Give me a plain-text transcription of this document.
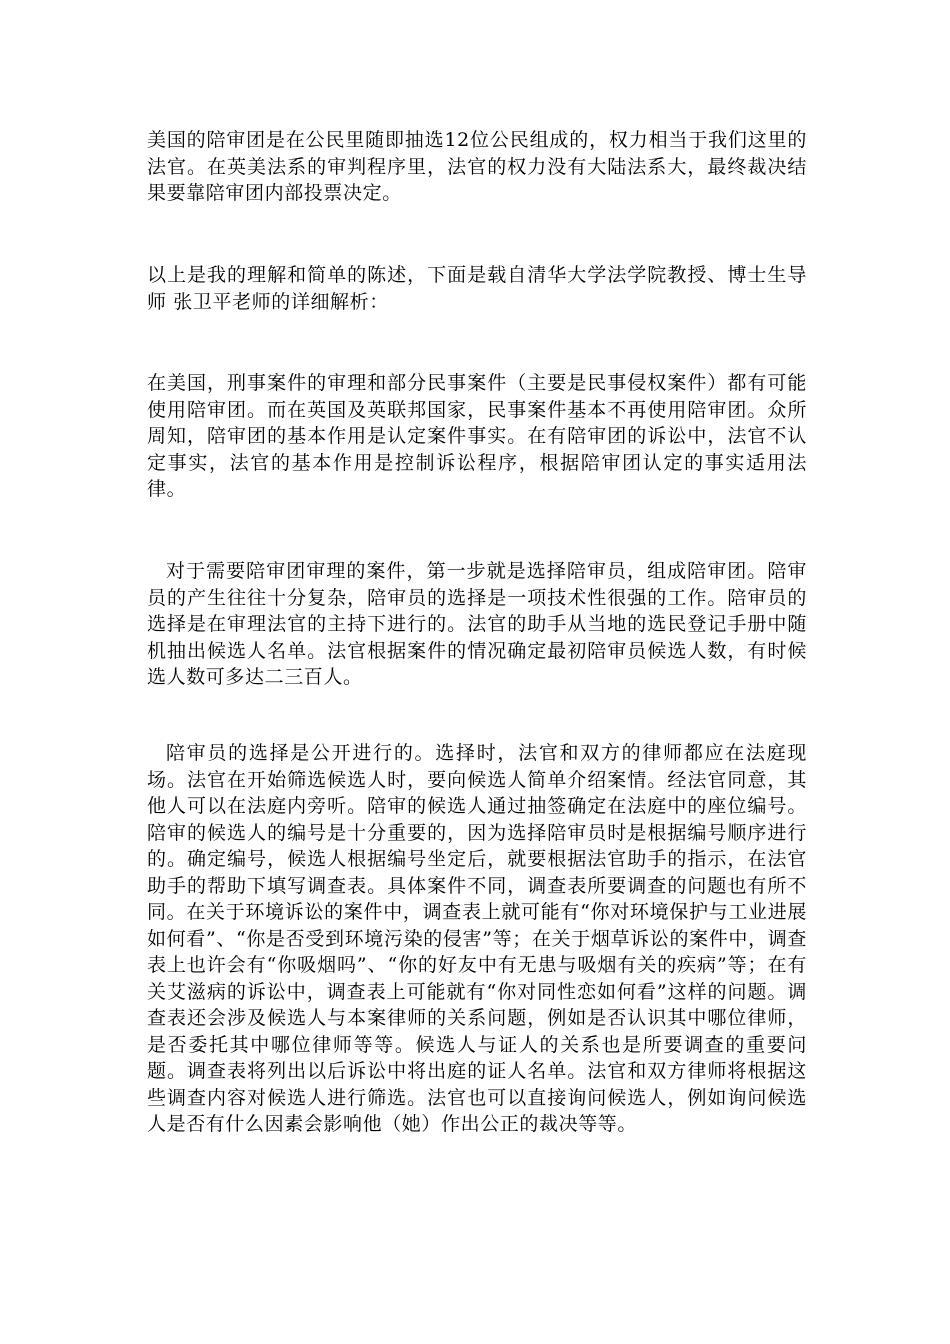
美国的陪审团是在公民里随即抽选12位公民组成的，权力相当于我们这里的法官。在英美法系的审判程序里，法官的权力没有大陆法系大，最终裁决结果要靠陪审团内部投票决定。

以上是我的理解和简单的陈述，下面是载自清华大学法学院教授、博士生导师 张卫平老师的详细解析：

在美国，刑事案件的审理和部分民事案件（主要是民事侵权案件）都有可能使用陪审团。而在英国及英联邦国家，民事案件基本不再使用陪审团。众所周知，陪审团的基本作用是认定案件事实。在有陪审团的诉讼中，法官不认定事实，法官的基本作用是控制诉讼程序，根据陪审团认定的事实适用法律。

对于需要陪审团审理的案件，第一步就是选择陪审员，组成陪审团。陪审员的产生往往十分复杂，陪审员的选择是一项技术性很强的工作。陪审员的选择是在审理法官的主持下进行的。法官的助手从当地的选民登记手册中随机抽出候选人名单。法官根据案件的情况确定最初陪审员候选人数，有时候选人数可多达二三百人。

陪审员的选择是公开进行的。选择时，法官和双方的律师都应在法庭现场。法官在开始筛选候选人时，要向候选人简单介绍案情。经法官同意，其他人可以在法庭内旁听。陪审的候选人通过抽签确定在法庭中的座位编号。陪审的候选人的编号是十分重要的，因为选择陪审员时是根据编号顺序进行的。确定编号，候选人根据编号坐定后，就要根据法官助手的指示，在法官助手的帮助下填写调查表。具体案件不同，调查表所要调查的问题也有所不同。在关于环境诉讼的案件中，调查表上就可能有“你对环境保护与工业进展如何看”、“你是否受到环境污染的侵害”等；在关于烟草诉讼的案件中，调查表上也许会有“你吸烟吗”、“你的好友中有无患与吸烟有关的疾病”等；在有关艾滋病的诉讼中，调查表上可能就有“你对同性恋如何看”这样的问题。调查表还会涉及候选人与本案律师的关系问题，例如是否认识其中哪位律师，是否委托其中哪位律师等等。候选人与证人的关系也是所要调查的重要问题。调查表将列出以后诉讼中将出庭的证人名单。法官和双方律师将根据这些调查内容对候选人进行筛选。法官也可以直接询问候选人，例如询问候选人是否有什么因素会影响他（她）作出公正的裁决等等。
